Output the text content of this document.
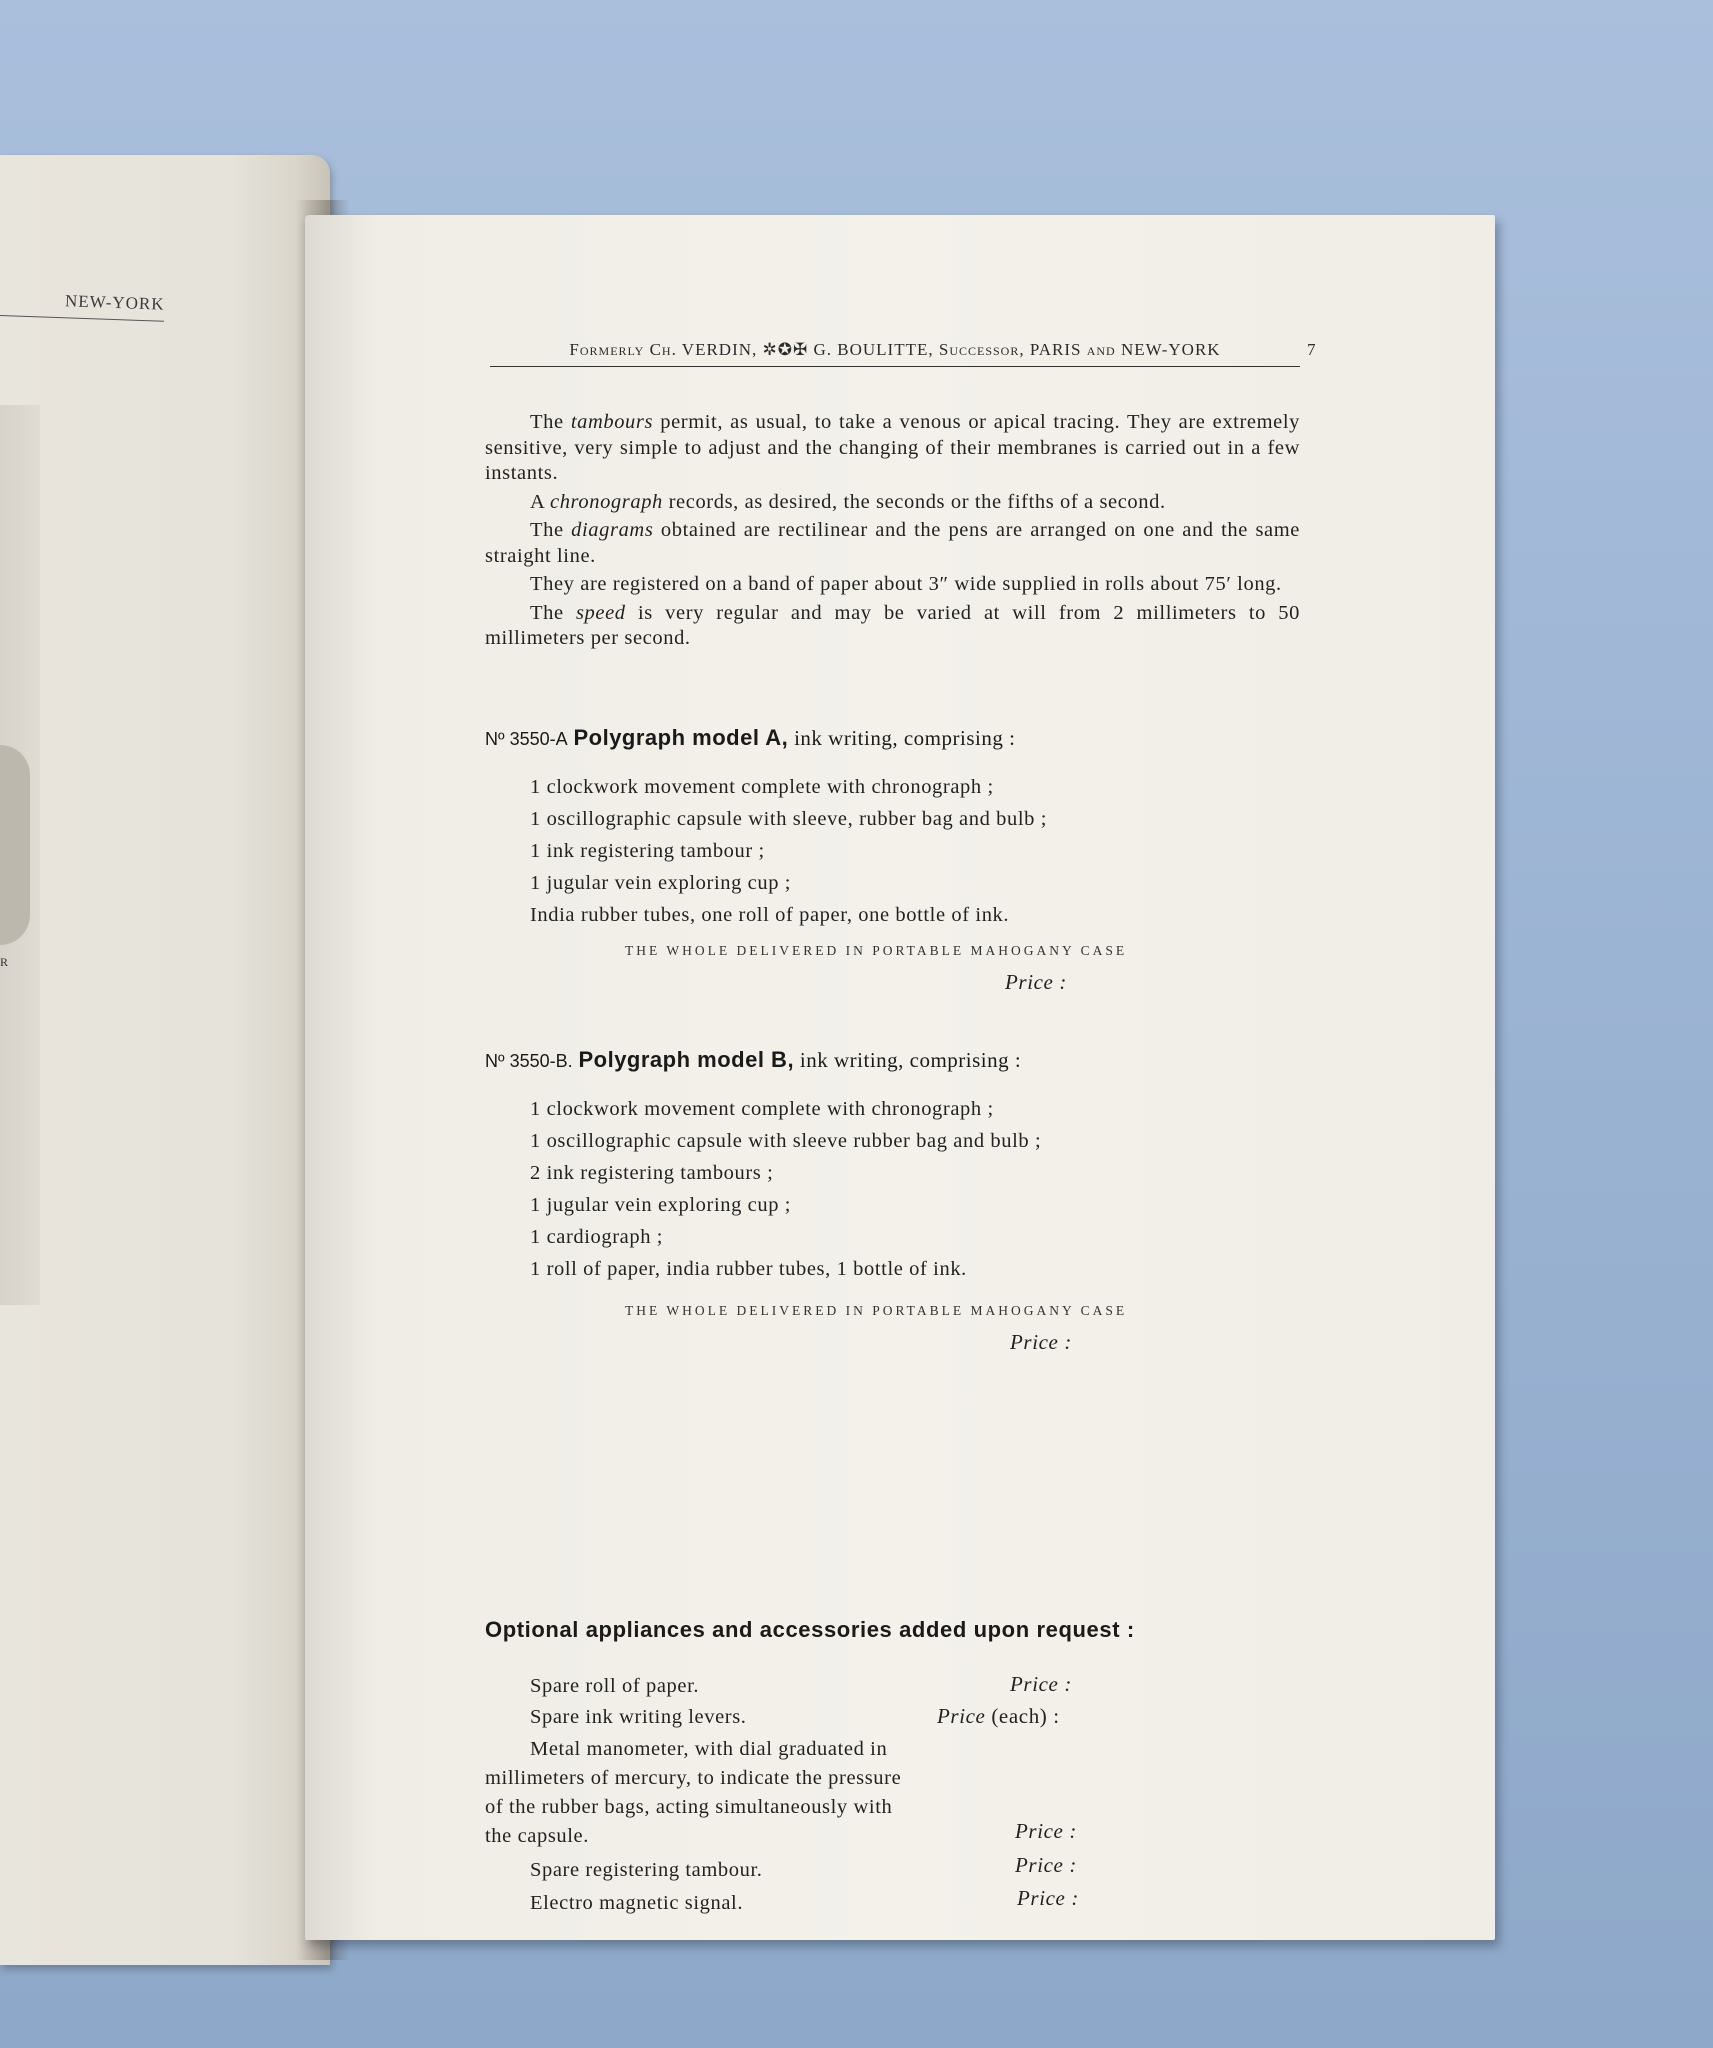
NEW-YORK
R
Formerly Ch. VERDIN, ✲✪✠ G. BOULITTE, Successor, PARIS and NEW-YORK	7

The tambours permit, as usual, to take a venous or apical tracing. They are extremely sensitive, very simple to adjust and the changing of their membranes is carried out in a few instants.

A chronograph records, as desired, the seconds or the fifths of a second.

The diagrams obtained are rectilinear and the pens are arranged on one and the same straight line.

They are registered on a band of paper about 3″ wide supplied in rolls about 75′ long.

The speed is very regular and may be varied at will from 2 millimeters to 50 millimeters per second.

Nº 3550-A Polygraph model A, ink writing, comprising :
1 clockwork movement complete with chronograph ;
1 oscillographic capsule with sleeve, rubber bag and bulb ;
1 ink registering tambour ;
1 jugular vein exploring cup ;
India rubber tubes, one roll of paper, one bottle of ink.
THE WHOLE DELIVERED IN PORTABLE MAHOGANY CASE
Price :
Nº 3550-B. Polygraph model B, ink writing, comprising :
1 clockwork movement complete with chronograph ;
1 oscillographic capsule with sleeve rubber bag and bulb ;
2 ink registering tambours ;
1 jugular vein exploring cup ;
1 cardiograph ;
1 roll of paper, india rubber tubes, 1 bottle of ink.
THE WHOLE DELIVERED IN PORTABLE MAHOGANY CASE
Price :
Optional appliances and accessories added upon request :
Spare roll of paper.	Price :
Spare ink writing levers.	Price (each) :
Metal manometer, with dial graduated in
millimeters of mercury, to indicate the pressure
of the rubber bags, acting simultaneously with
the capsule.	Price :
Spare registering tambour.	Price :
Electro magnetic signal.	Price :
